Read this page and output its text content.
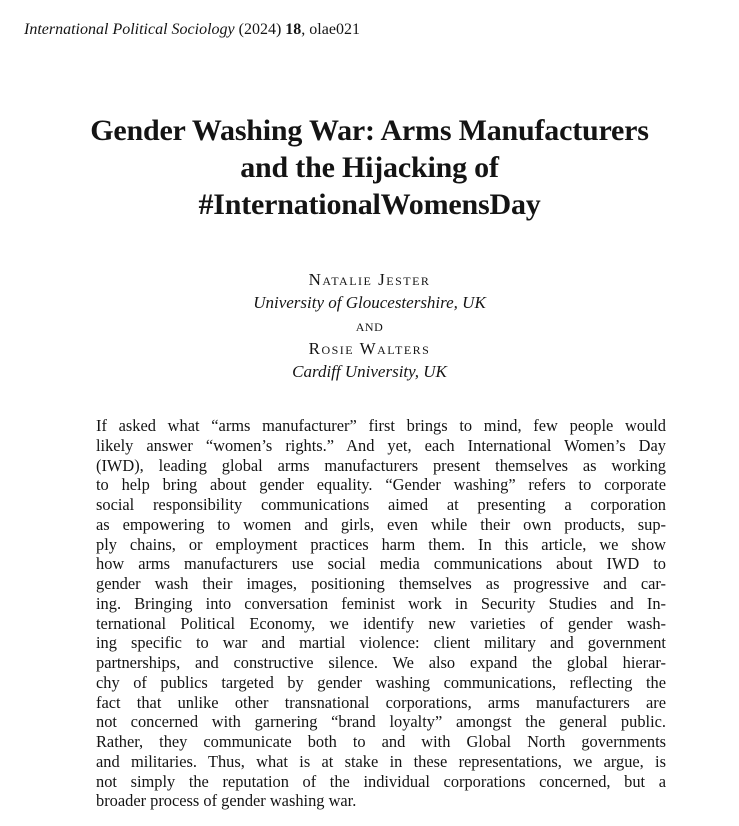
International Political Sociology (2024) 18, olae021
Gender Washing War: Arms Manufacturers
and the Hijacking of
#InternationalWomensDay
Natalie Jester
University of Gloucestershire, UK
and
Rosie Walters
Cardiff University, UK
If asked what “arms manufacturer” first brings to mind, few people would
likely answer “women’s rights.” And yet, each International Women’s Day
(IWD), leading global arms manufacturers present themselves as working
to help bring about gender equality. “Gender washing” refers to corporate
social responsibility communications aimed at presenting a corporation
as empowering to women and girls, even while their own products, sup-
ply chains, or employment practices harm them. In this article, we show
how arms manufacturers use social media communications about IWD to
gender wash their images, positioning themselves as progressive and car-
ing. Bringing into conversation feminist work in Security Studies and In-
ternational Political Economy, we identify new varieties of gender wash-
ing specific to war and martial violence: client military and government
partnerships, and constructive silence. We also expand the global hierar-
chy of publics targeted by gender washing communications, reflecting the
fact that unlike other transnational corporations, arms manufacturers are
not concerned with garnering “brand loyalty” amongst the general public.
Rather, they communicate both to and with Global North governments
and militaries. Thus, what is at stake in these representations, we argue, is
not simply the reputation of the individual corporations concerned, but a
broader process of gender washing war.
